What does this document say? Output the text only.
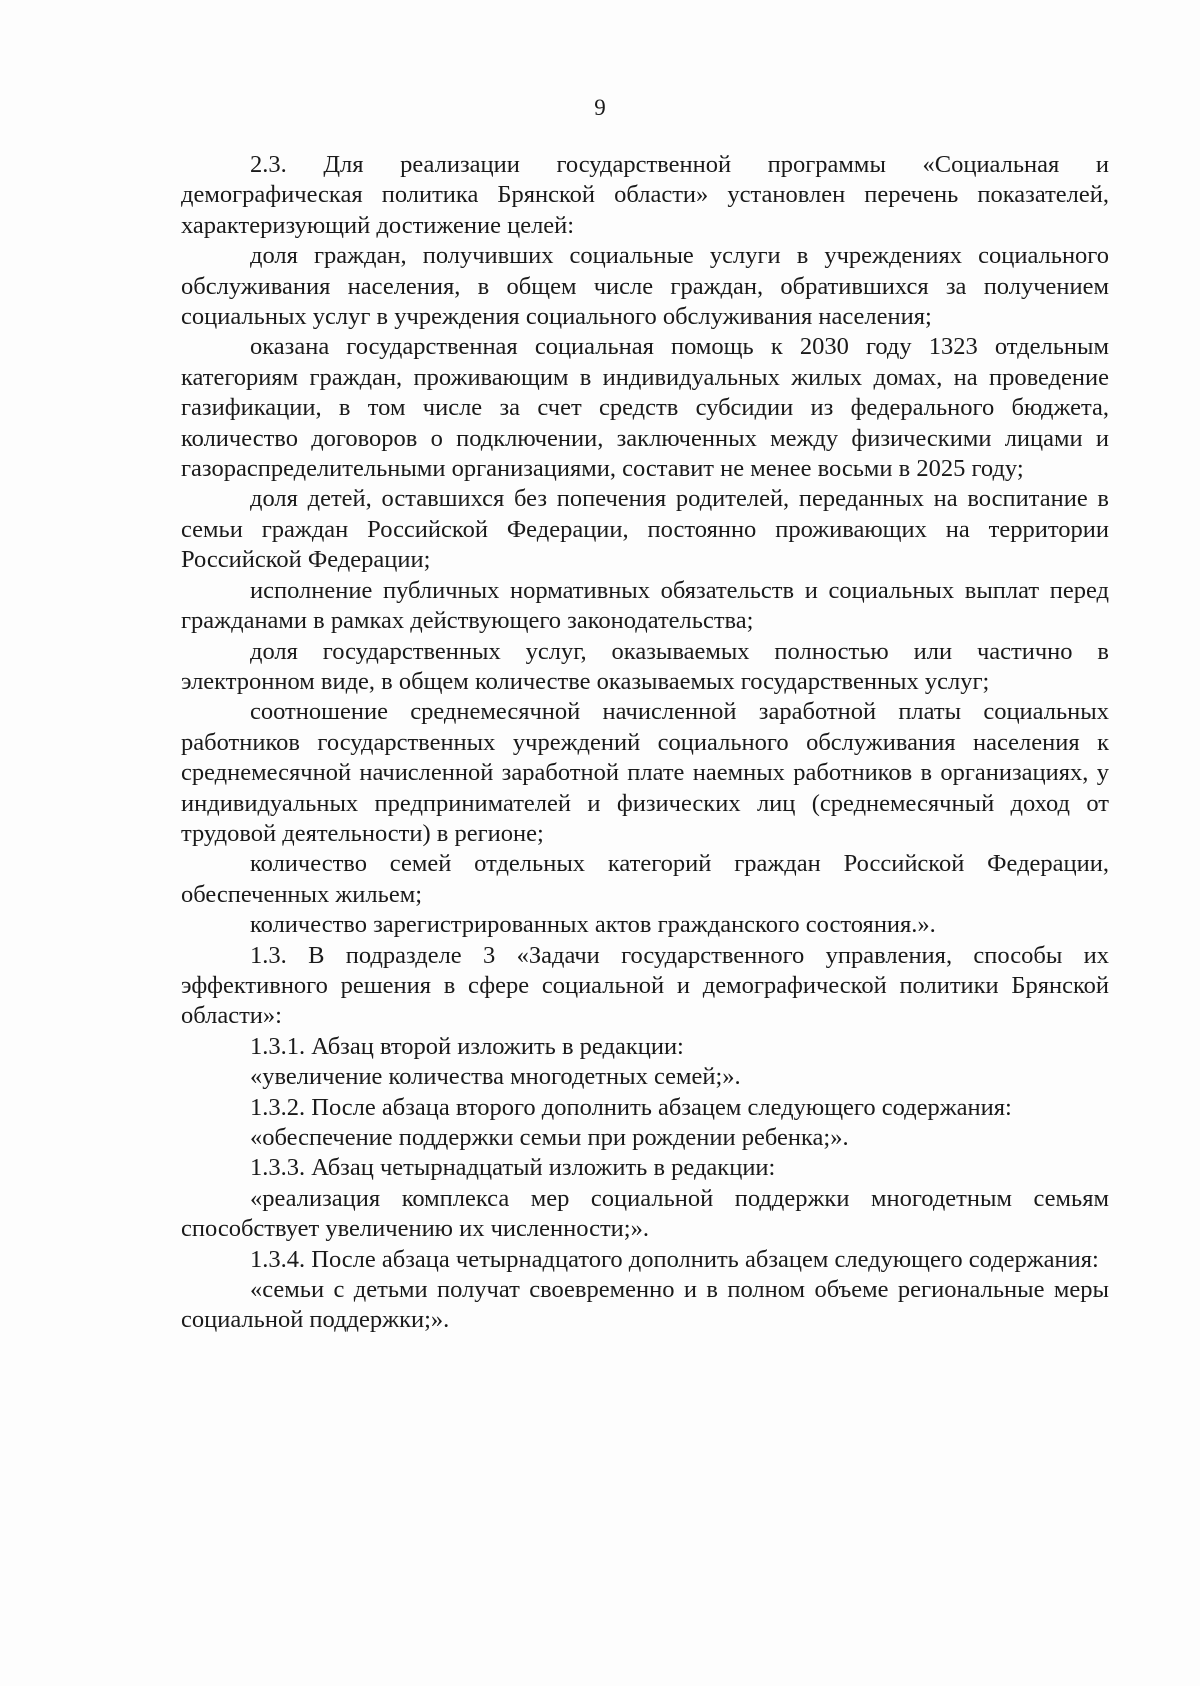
9

2.3. Для реализации государственной программы «Социальная и демографическая политика Брянской области» установлен перечень показателей, характеризующий достижение целей:

доля граждан, получивших социальные услуги в учреждениях социального обслуживания населения, в общем числе граждан, обратившихся за получением социальных услуг в учреждения социального обслуживания населения;

оказана государственная социальная помощь к 2030 году 1323 отдельным категориям граждан, проживающим в индивидуальных жилых домах, на проведение газификации, в том числе за счет средств субсидии из федерального бюджета, количество договоров о подключении, заключенных между физическими лицами и газораспределительными организациями, составит не менее восьми в 2025 году;

доля детей, оставшихся без попечения родителей, переданных на воспитание в семьи граждан Российской Федерации, постоянно проживающих на территории Российской Федерации;

исполнение публичных нормативных обязательств и социальных выплат перед гражданами в рамках действующего законодательства;

доля государственных услуг, оказываемых полностью или частично в электронном виде, в общем количестве оказываемых государственных услуг;

соотношение среднемесячной начисленной заработной платы социальных работников государственных учреждений социального обслуживания населения к среднемесячной начисленной заработной плате наемных работников в организациях, у индивидуальных предпринимателей и физических лиц (среднемесячный доход от трудовой деятельности) в регионе;

количество семей отдельных категорий граждан Российской Федерации, обеспеченных жильем;

количество зарегистрированных актов гражданского состояния.».

1.3. В подразделе 3 «Задачи государственного управления, способы их эффективного решения в сфере социальной и демографической политики Брянской области»:

1.3.1. Абзац второй изложить в редакции:

«увеличение количества многодетных семей;».

1.3.2. После абзаца второго дополнить абзацем следующего содержания:

«обеспечение поддержки семьи при рождении ребенка;».

1.3.3. Абзац четырнадцатый изложить в редакции:

«реализация комплекса мер социальной поддержки многодетным семьям способствует увеличению их численности;».

1.3.4. После абзаца четырнадцатого дополнить абзацем следующего содержания:

«семьи с детьми получат своевременно и в полном объеме региональные меры социальной поддержки;».
